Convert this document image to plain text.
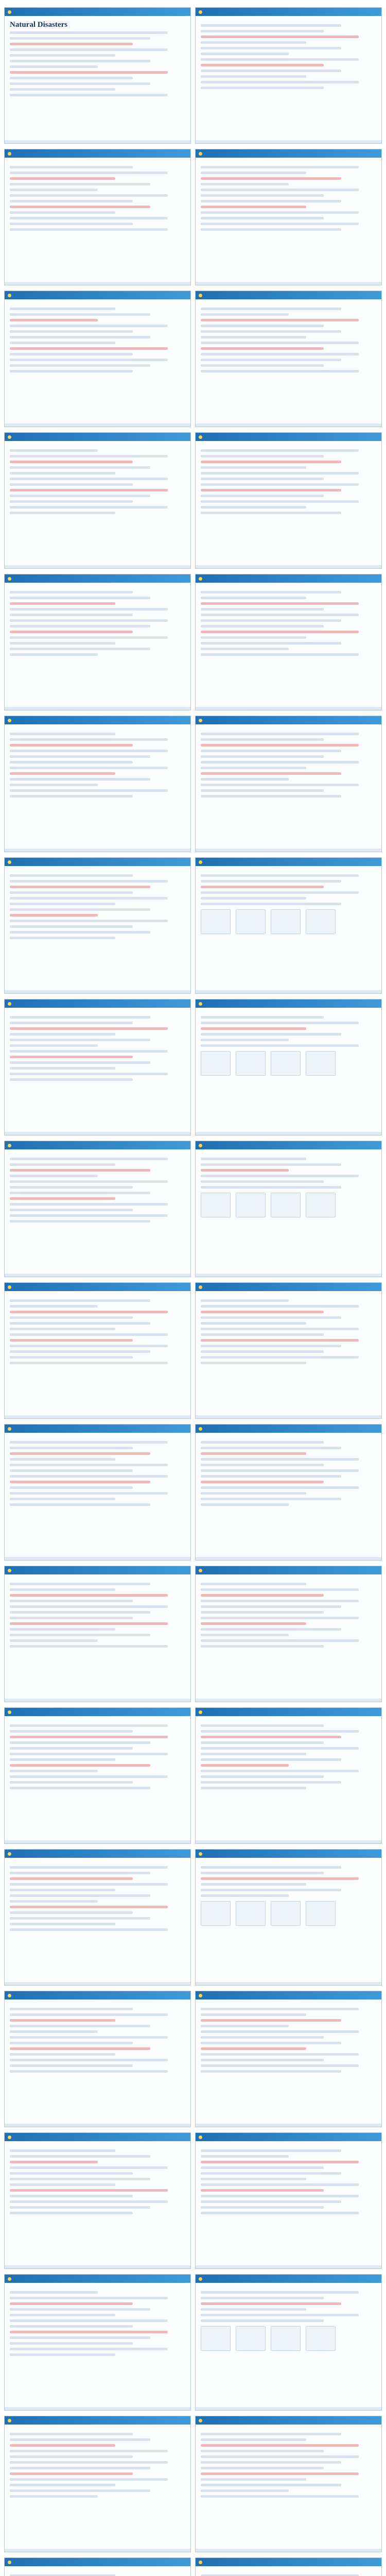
Natural Disasters
